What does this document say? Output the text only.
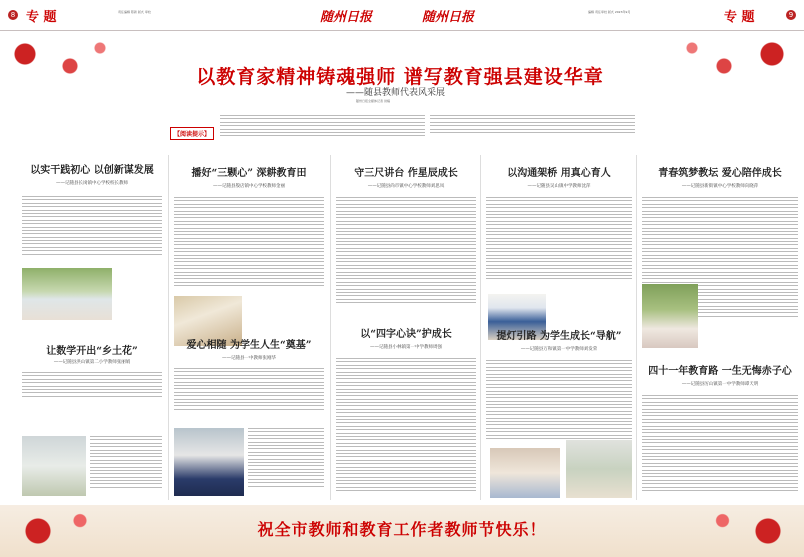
8 专 题	责任编辑 陈新 版式 审校	随州日报	随州日报	编辑 责任审校 版式 2023年9月	专 题	9
以教育家精神铸魂强师 谱写教育强县建设华章
——随县教师代表风采展
随州日报全媒体记者 供稿
【阅读提示】
以实干践初心 以创新谋发展
——记随县长岗镇中心学校校长教师
让数学开出“乡土花”
——记随县洪山镇第二小学教师张丽娟
播好“三颗心” 深耕教育田
——记随县殷店镇中心学校教师金丽
爱心相随 为学生人生“奠基”
——记随县一中教师张刚华
守三尺讲台 作星辰成长
——记随县尚市镇中心学校教师刘思凤
以“四字心诀”护成长
——记随县小林镇第一中学教师周强
以沟通架桥 用真心育人
——记随县吴山镇中学教师沈萍
提灯引路 为学生成长“导航”
——记随县万和镇第一中学教师刘发荣
青春筑梦教坛 爱心陪伴成长
——记随县新街镇中心学校教师向晓萍
四十一年教育路 一生无悔赤子心
——记随县厉山镇第一中学教师谭天明
祝全市教师和教育工作者教师节快乐！
